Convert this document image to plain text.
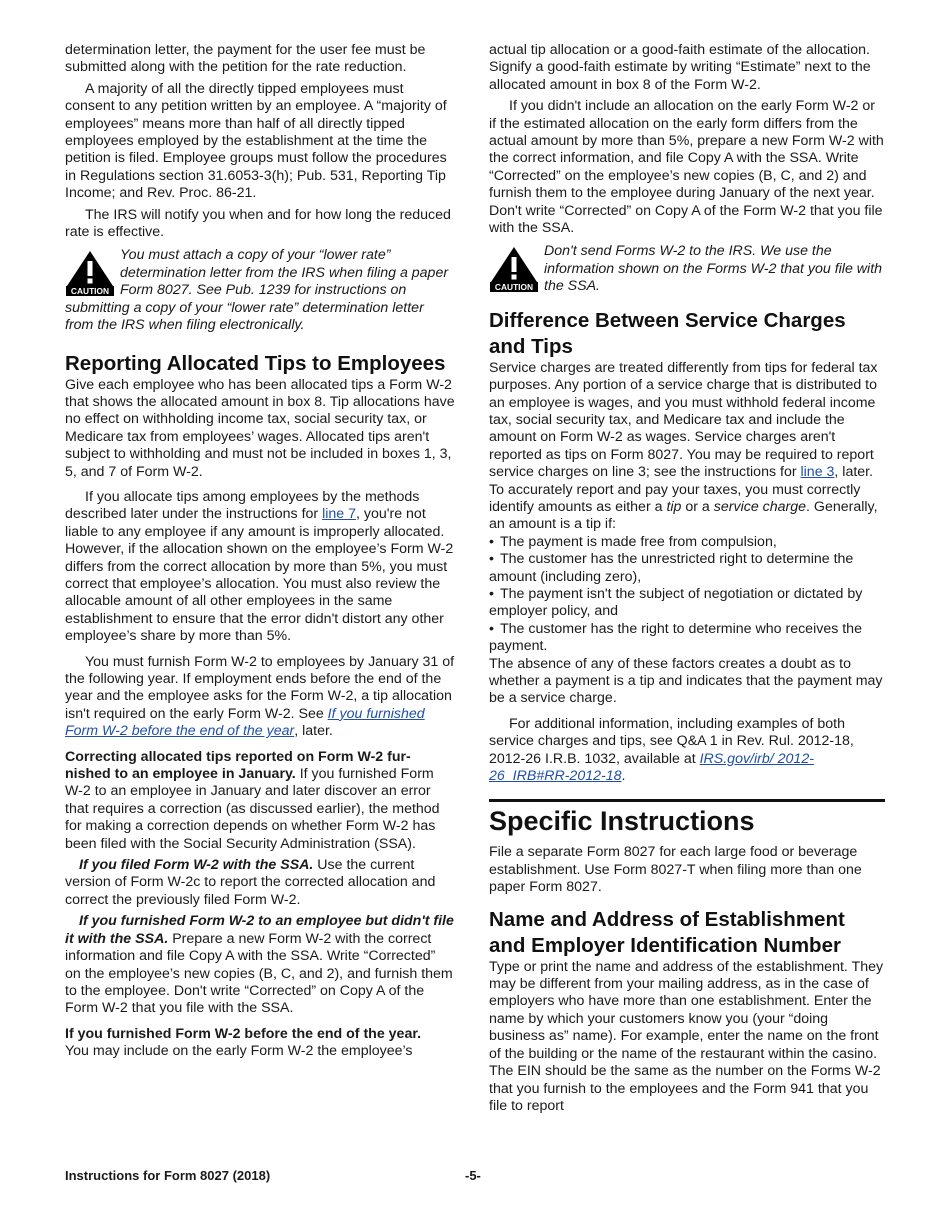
determination letter, the payment for the user fee must be submitted along with the petition for the rate reduction.

A majority of all the directly tipped employees must consent to any petition written by an employee. A “majority of employees” means more than half of all directly tipped employees employed by the establishment at the time the petition is filed. Employee groups must follow the procedures in Regulations section 31.6053-3(h); Pub. 531, Reporting Tip Income; and Rev. Proc. 86-21.

The IRS will notify you when and for how long the reduced rate is effective.

CAUTION

You must attach a copy of your “lower rate” determination letter from the IRS when filing a paper Form 8027. See Pub. 1239 for instructions on submitting a copy of your “lower rate” determination letter from the IRS when filing electronically.

Reporting Allocated Tips to Employees

Give each employee who has been allocated tips a Form W-2 that shows the allocated amount in box 8. Tip allocations have no effect on withholding income tax, social security tax, or Medicare tax from employees’ wages. Allocated tips aren't subject to withholding and must not be included in boxes 1, 3, 5, and 7 of Form W-2.

If you allocate tips among employees by the methods described later under the instructions for line 7, you're not liable to any employee if any amount is improperly allocated. However, if the allocation shown on the employee’s Form W-2 differs from the correct allocation by more than 5%, you must correct that employee’s allocation. You must also review the allocable amount of all other employees in the same establishment to ensure that the error didn't distort any other employee’s share by more than 5%.

You must furnish Form W-2 to employees by January 31 of the following year. If employment ends before the end of the year and the employee asks for the Form W-2, a tip allocation isn't required on the early Form W-2. See If you furnished Form W-2 before the end of the year, later.

Correcting allocated tips reported on Form W-2 fur-nished to an employee in January. If you furnished Form W-2 to an employee in January and later discover an error that requires a correction (as discussed earlier), the method for making a correction depends on whether Form W-2 has been filed with the Social Security Administration (SSA).

If you filed Form W-2 with the SSA. Use the current version of Form W-2c to report the corrected allocation and correct the previously filed Form W-2.

If you furnished Form W-2 to an employee but didn't file it with the SSA. Prepare a new Form W-2 with the correct information and file Copy A with the SSA. Write “Corrected” on the employee’s new copies (B, C, and 2), and furnish them to the employee. Don't write “Corrected” on Copy A of the Form W-2 that you file with the SSA.

If you furnished Form W-2 before the end of the year.
You may include on the early Form W-2 the employee’s

actual tip allocation or a good-faith estimate of the allocation. Signify a good-faith estimate by writing “Estimate” next to the allocated amount in box 8 of the Form W-2.

If you didn't include an allocation on the early Form W-2 or if the estimated allocation on the early form differs from the actual amount by more than 5%, prepare a new Form W-2 with the correct information, and file Copy A with the SSA. Write “Corrected” on the employee’s new copies (B, C, and 2) and furnish them to the employee during January of the next year. Don't write “Corrected” on Copy A of the Form W-2 that you file with the SSA.

CAUTION

Don't send Forms W-2 to the IRS. We use the information shown on the Forms W-2 that you file with the SSA.

Difference Between Service Charges and Tips

Service charges are treated differently from tips for federal tax purposes. Any portion of a service charge that is distributed to an employee is wages, and you must withhold federal income tax, social security tax, and Medicare tax and include the amount on Form W-2 as wages. Service charges aren't reported as tips on Form 8027. You may be required to report service charges on line 3; see the instructions for line 3, later. To accurately report and pay your taxes, you must correctly identify amounts as either a tip or a service charge. Generally, an amount is a tip if:

• The payment is made free from compulsion,

• The customer has the unrestricted right to determine the amount (including zero),

• The payment isn't the subject of negotiation or dictated by employer policy, and

• The customer has the right to determine who receives the payment.

The absence of any of these factors creates a doubt as to whether a payment is a tip and indicates that the payment may be a service charge.

For additional information, including examples of both service charges and tips, see Q&A 1 in Rev. Rul. 2012-18, 2012-26 I.R.B. 1032, available at IRS.gov/irb/ 2012-26_IRB#RR-2012-18.

Specific Instructions

File a separate Form 8027 for each large food or beverage establishment. Use Form 8027-T when filing more than one paper Form 8027.

Name and Address of Establishment and Employer Identification Number

Type or print the name and address of the establishment. They may be different from your mailing address, as in the case of employers who have more than one establishment. Enter the name by which your customers know you (your “doing business as” name). For example, enter the name on the front of the building or the name of the restaurant within the casino. The EIN should be the same as the number on the Forms W-2 that you furnish to the employees and the Form 941 that you file to report

Instructions for Form 8027 (2018)	-5-
